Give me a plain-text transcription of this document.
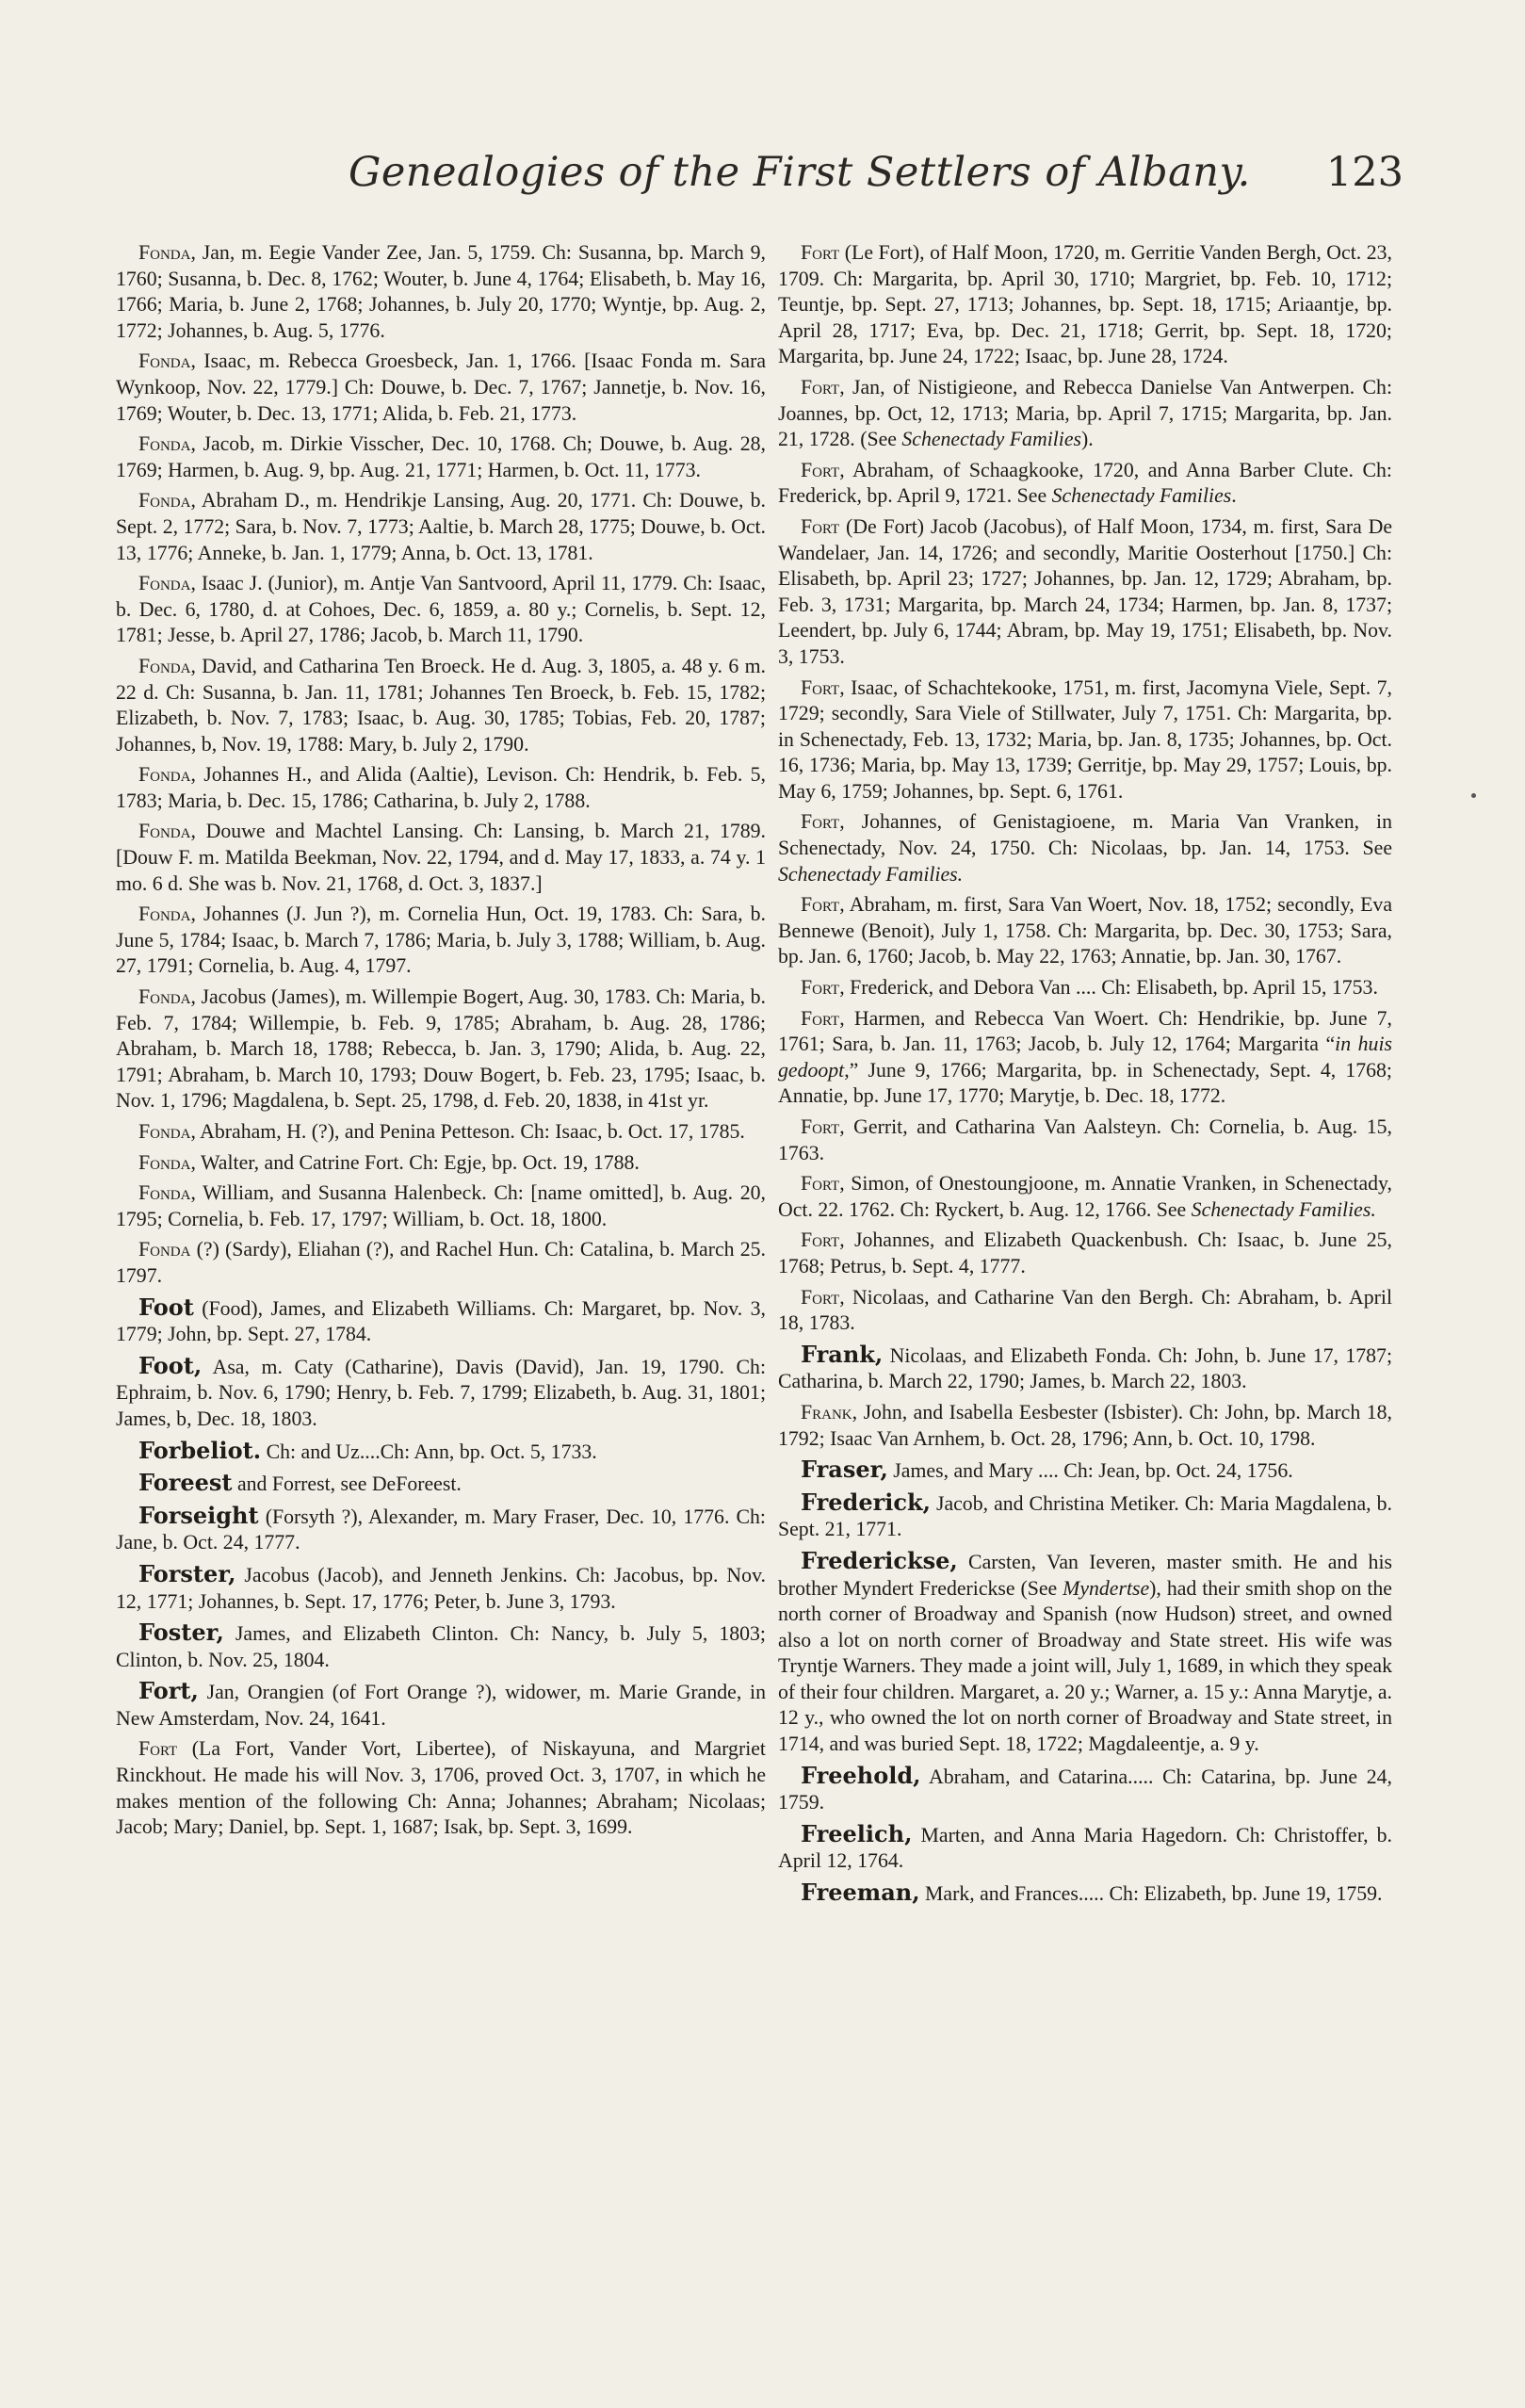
Genealogies of the First Settlers of Albany. 123

Fonda, Jan, m. Eegie Vander Zee, Jan. 5, 1759. Ch: Susanna, bp. March 9, 1760; Susanna, b. Dec. 8, 1762; Wouter, b. June 4, 1764; Elisabeth, b. May 16, 1766; Maria, b. June 2, 1768; Johannes, b. July 20, 1770; Wyntje, bp. Aug. 2, 1772; Johannes, b. Aug. 5, 1776.

Fonda, Isaac, m. Rebecca Groesbeck, Jan. 1, 1766. [Isaac Fonda m. Sara Wynkoop, Nov. 22, 1779.] Ch: Douwe, b. Dec. 7, 1767; Jannetje, b. Nov. 16, 1769; Wouter, b. Dec. 13, 1771; Alida, b. Feb. 21, 1773.

Fonda, Jacob, m. Dirkie Visscher, Dec. 10, 1768. Ch; Douwe, b. Aug. 28, 1769; Harmen, b. Aug. 9, bp. Aug. 21, 1771; Harmen, b. Oct. 11, 1773.

Fonda, Abraham D., m. Hendrikje Lansing, Aug. 20, 1771. Ch: Douwe, b. Sept. 2, 1772; Sara, b. Nov. 7, 1773; Aaltie, b. March 28, 1775; Douwe, b. Oct. 13, 1776; Anneke, b. Jan. 1, 1779; Anna, b. Oct. 13, 1781.

Fonda, Isaac J. (Junior), m. Antje Van Santvoord, April 11, 1779. Ch: Isaac, b. Dec. 6, 1780, d. at Cohoes, Dec. 6, 1859, a. 80 y.; Cornelis, b. Sept. 12, 1781; Jesse, b. April 27, 1786; Jacob, b. March 11, 1790.

Fonda, David, and Catharina Ten Broeck. He d. Aug. 3, 1805, a. 48 y. 6 m. 22 d. Ch: Susanna, b. Jan. 11, 1781; Johannes Ten Broeck, b. Feb. 15, 1782; Elizabeth, b. Nov. 7, 1783; Isaac, b. Aug. 30, 1785; Tobias, Feb. 20, 1787; Johannes, b, Nov. 19, 1788: Mary, b. July 2, 1790.

Fonda, Johannes H., and Alida (Aaltie), Levison. Ch: Hendrik, b. Feb. 5, 1783; Maria, b. Dec. 15, 1786; Catharina, b. July 2, 1788.

Fonda, Douwe and Machtel Lansing. Ch: Lansing, b. March 21, 1789. [Douw F. m. Matilda Beekman, Nov. 22, 1794, and d. May 17, 1833, a. 74 y. 1 mo. 6 d. She was b. Nov. 21, 1768, d. Oct. 3, 1837.]

Fonda, Johannes (J. Jun ?), m. Cornelia Hun, Oct. 19, 1783. Ch: Sara, b. June 5, 1784; Isaac, b. March 7, 1786; Maria, b. July 3, 1788; William, b. Aug. 27, 1791; Cornelia, b. Aug. 4, 1797.

Fonda, Jacobus (James), m. Willempie Bogert, Aug. 30, 1783. Ch: Maria, b. Feb. 7, 1784; Willempie, b. Feb. 9, 1785; Abraham, b. Aug. 28, 1786; Abraham, b. March 18, 1788; Rebecca, b. Jan. 3, 1790; Alida, b. Aug. 22, 1791; Abraham, b. March 10, 1793; Douw Bogert, b. Feb. 23, 1795; Isaac, b. Nov. 1, 1796; Magdalena, b. Sept. 25, 1798, d. Feb. 20, 1838, in 41st yr.

Fonda, Abraham, H. (?), and Penina Petteson. Ch: Isaac, b. Oct. 17, 1785.

Fonda, Walter, and Catrine Fort. Ch: Egje, bp. Oct. 19, 1788.

Fonda, William, and Susanna Halenbeck. Ch: [name omitted], b. Aug. 20, 1795; Cornelia, b. Feb. 17, 1797; William, b. Oct. 18, 1800.

Fonda (?) (Sardy), Eliahan (?), and Rachel Hun. Ch: Catalina, b. March 25. 1797.

Foot (Food), James, and Elizabeth Williams. Ch: Margaret, bp. Nov. 3, 1779; John, bp. Sept. 27, 1784.

Foot, Asa, m. Caty (Catharine), Davis (David), Jan. 19, 1790. Ch: Ephraim, b. Nov. 6, 1790; Henry, b. Feb. 7, 1799; Elizabeth, b. Aug. 31, 1801; James, b, Dec. 18, 1803.

Forbeliot. Ch: and Uz....Ch: Ann, bp. Oct. 5, 1733.

Foreest and Forrest, see DeForeest.

Forseight (Forsyth ?), Alexander, m. Mary Fraser, Dec. 10, 1776. Ch: Jane, b. Oct. 24, 1777.

Forster, Jacobus (Jacob), and Jenneth Jenkins. Ch: Jacobus, bp. Nov. 12, 1771; Johannes, b. Sept. 17, 1776; Peter, b. June 3, 1793.

Foster, James, and Elizabeth Clinton. Ch: Nancy, b. July 5, 1803; Clinton, b. Nov. 25, 1804.

Fort, Jan, Orangien (of Fort Orange ?), widower, m. Marie Grande, in New Amsterdam, Nov. 24, 1641.

Fort (La Fort, Vander Vort, Libertee), of Niskayuna, and Margriet Rinckhout. He made his will Nov. 3, 1706, proved Oct. 3, 1707, in which he makes mention of the following Ch: Anna; Johannes; Abraham; Nicolaas; Jacob; Mary; Daniel, bp. Sept. 1, 1687; Isak, bp. Sept. 3, 1699.

Fort (Le Fort), of Half Moon, 1720, m. Gerritie Vanden Bergh, Oct. 23, 1709. Ch: Margarita, bp. April 30, 1710; Margriet, bp. Feb. 10, 1712; Teuntje, bp. Sept. 27, 1713; Johannes, bp. Sept. 18, 1715; Ariaantje, bp. April 28, 1717; Eva, bp. Dec. 21, 1718; Gerrit, bp. Sept. 18, 1720; Margarita, bp. June 24, 1722; Isaac, bp. June 28, 1724.

Fort, Jan, of Nistigieone, and Rebecca Danielse Van Antwerpen. Ch: Joannes, bp. Oct, 12, 1713; Maria, bp. April 7, 1715; Margarita, bp. Jan. 21, 1728. (See Schenectady Families).

Fort, Abraham, of Schaagkooke, 1720, and Anna Barber Clute. Ch: Frederick, bp. April 9, 1721. See Schenectady Families.

Fort (De Fort) Jacob (Jacobus), of Half Moon, 1734, m. first, Sara De Wandelaer, Jan. 14, 1726; and secondly, Maritie Oosterhout [1750.] Ch: Elisabeth, bp. April 23; 1727; Johannes, bp. Jan. 12, 1729; Abraham, bp. Feb. 3, 1731; Margarita, bp. March 24, 1734; Harmen, bp. Jan. 8, 1737; Leendert, bp. July 6, 1744; Abram, bp. May 19, 1751; Elisabeth, bp. Nov. 3, 1753.

Fort, Isaac, of Schachtekooke, 1751, m. first, Jacomyna Viele, Sept. 7, 1729; secondly, Sara Viele of Stillwater, July 7, 1751. Ch: Margarita, bp. in Schenectady, Feb. 13, 1732; Maria, bp. Jan. 8, 1735; Johannes, bp. Oct. 16, 1736; Maria, bp. May 13, 1739; Gerritje, bp. May 29, 1757; Louis, bp. May 6, 1759; Johannes, bp. Sept. 6, 1761.

Fort, Johannes, of Genistagioene, m. Maria Van Vranken, in Schenectady, Nov. 24, 1750. Ch: Nicolaas, bp. Jan. 14, 1753. See Schenectady Families.

Fort, Abraham, m. first, Sara Van Woert, Nov. 18, 1752; secondly, Eva Bennewe (Benoit), July 1, 1758. Ch: Margarita, bp. Dec. 30, 1753; Sara, bp. Jan. 6, 1760; Jacob, b. May 22, 1763; Annatie, bp. Jan. 30, 1767.

Fort, Frederick, and Debora Van .... Ch: Elisabeth, bp. April 15, 1753.

Fort, Harmen, and Rebecca Van Woert. Ch: Hendrikie, bp. June 7, 1761; Sara, b. Jan. 11, 1763; Jacob, b. July 12, 1764; Margarita “in huis gedoopt,” June 9, 1766; Margarita, bp. in Schenectady, Sept. 4, 1768; Annatie, bp. June 17, 1770; Marytje, b. Dec. 18, 1772.

Fort, Gerrit, and Catharina Van Aalsteyn. Ch: Cornelia, b. Aug. 15, 1763.

Fort, Simon, of Onestoungjoone, m. Annatie Vranken, in Schenectady, Oct. 22. 1762. Ch: Ryckert, b. Aug. 12, 1766. See Schenectady Families.

Fort, Johannes, and Elizabeth Quackenbush. Ch: Isaac, b. June 25, 1768; Petrus, b. Sept. 4, 1777.

Fort, Nicolaas, and Catharine Van den Bergh. Ch: Abraham, b. April 18, 1783.

Frank, Nicolaas, and Elizabeth Fonda. Ch: John, b. June 17, 1787; Catharina, b. March 22, 1790; James, b. March 22, 1803.

Frank, John, and Isabella Eesbester (Isbister). Ch: John, bp. March 18, 1792; Isaac Van Arnhem, b. Oct. 28, 1796; Ann, b. Oct. 10, 1798.

Fraser, James, and Mary .... Ch: Jean, bp. Oct. 24, 1756.

Frederick, Jacob, and Christina Metiker. Ch: Maria Magdalena, b. Sept. 21, 1771.

Frederickse, Carsten, Van Ieveren, master smith. He and his brother Myndert Frederickse (See Myndertse), had their smith shop on the north corner of Broadway and Spanish (now Hudson) street, and owned also a lot on north corner of Broadway and State street. His wife was Tryntje Warners. They made a joint will, July 1, 1689, in which they speak of their four children. Margaret, a. 20 y.; Warner, a. 15 y.: Anna Marytje, a. 12 y., who owned the lot on north corner of Broadway and State street, in 1714, and was buried Sept. 18, 1722; Magdaleentje, a. 9 y.

Freehold, Abraham, and Catarina..... Ch: Catarina, bp. June 24, 1759.

Freelich, Marten, and Anna Maria Hagedorn. Ch: Christoffer, b. April 12, 1764.

Freeman, Mark, and Frances..... Ch: Elizabeth, bp. June 19, 1759.
